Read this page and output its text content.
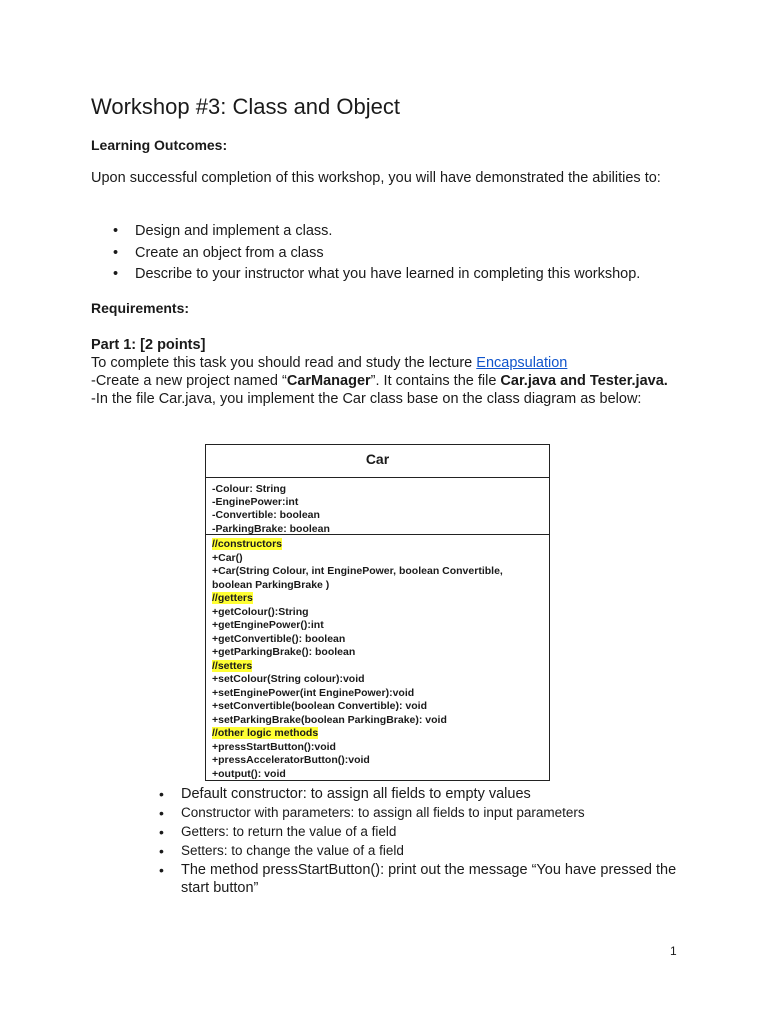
Workshop #3: Class and Object
Learning Outcomes:
Upon successful completion of this workshop, you will have demonstrated the abilities to:
• Design and implement a class.
• Create an object from a class
• Describe to your instructor what you have learned in completing this workshop.
Requirements:
Part 1: [2 points]
To complete this task you should read and study the lecture Encapsulation
-Create a new project named “CarManager”. It contains the file Car.java and Tester.java.
-In the file Car.java, you implement the Car class base on the class diagram as below:
Car
-Colour: String
-EnginePower:int
-Convertible: boolean
-ParkingBrake: boolean
//constructors
+Car()
+Car(String Colour, int EnginePower, boolean Convertible,
boolean ParkingBrake )
//getters
+getColour():String
+getEnginePower():int
+getConvertible(): boolean
+getParkingBrake(): boolean
//setters
+setColour(String colour):void
+setEnginePower(int EnginePower):void
+setConvertible(boolean Convertible): void
+setParkingBrake(boolean ParkingBrake): void
//other logic methods
+pressStartButton():void
+pressAcceleratorButton():void
+output(): void
• Default constructor: to assign all fields to empty values
• Constructor with parameters: to assign all fields to input parameters
• Getters: to return the value of a field
• Setters: to change the value of a field
• The method pressStartButton(): print out the message “You have pressed the start button”
1
